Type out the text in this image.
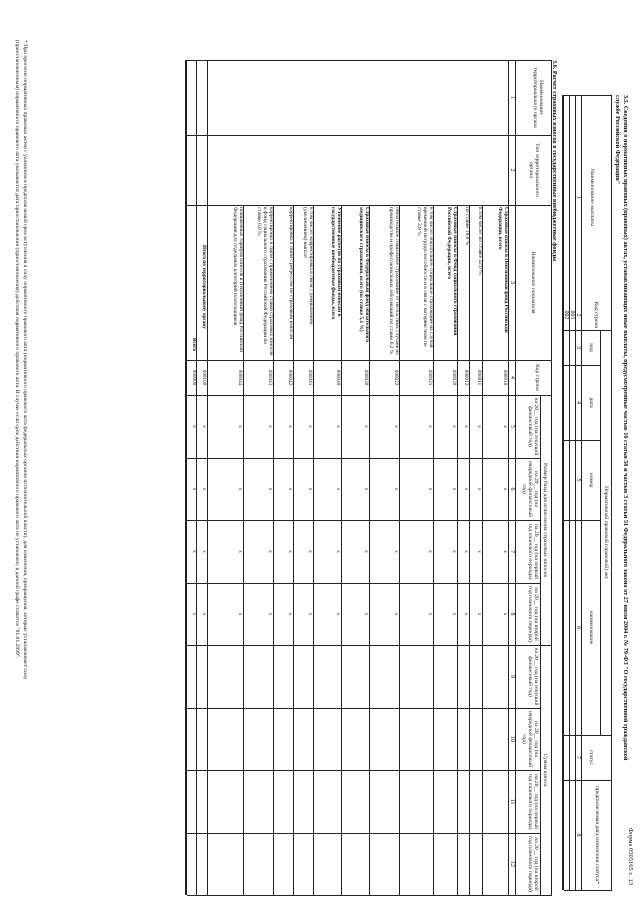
Форма 0505165 с. 13
3.5. Сведения о нормативных правовых (правовых) актах, устанавливающих иные выплаты, предусмотренные частью 10 статьи 58 и частью 3 статьи 51 Федерального закона от 27 июля 2004 г. № 79-ФЗ "О государственной гражданской
службе Российской Федерации"
Наименование выплаты
Код строки
Нормативный правовой (правовой) акт
вид
дата
номер
наименование
статус
предполагаемая дата изменения статуса*
1
2
3
4
5
6
7
8
001
002
3.6. Расчет страховых взносов в государственные внебюджетные фонды
Наименование территориального органа
Тип территориального органа
Наименование показателя
Код строки
Размер базы для исчисления страховых взносов
Сумма взноса
на 20__ год (на текущий финансовый год)
на 20__ год (на очередной финансовый год)
на 20__ год (на первый год планового периода)
на 20__ год (на второй год планового периода)
на 20__ год (на текущий финансовый год)
на 20__ год (на очередной финансовый год)
на 20__ год (на первый год планового периода)
на 20__ год (на второй год планового периода)
1
2
3
4
5
6
7
8
9
10
11
12
Страховые взносы в Пенсионный фонд Российской Федерации, всего
000010
x
x
x
x
в том числе: по ставке 22,0 %
000011
x
x
x
x
по ставке 10,0 %
000012
x
x
x
x
Страховые взносы в Фонд социального страхования Российской Федерации, всего
000020
x
x
x
x
в том числе: обязательное социальное страхование на случай временной нетрудоспособности и в связи с материнством по ставке 2,9 %
000021
x
x
x
x
обязательное социальное страхование от несчастных случаев на производстве и профессиональных заболеваний по ставке 0,2 %
000022
x
x
x
x
Страховые взносы в Федеральный фонд обязательного медицинского страхования, всего (по ставке 5,1 %)
000030
x
x
x
x
Уточнение расчетов по страховым взносам в государственные внебюджетные фонды, всего
000040
x
x
x
x
в том числе: корректировка в связи с уменьшением (увеличением) выплат
000041
x
x
x
x
корректировка в связи с регрессом по страховым взносам
000042
x
x
x
x
корректировка в связи с применением ставки страховых взносов в фонд социального страхования Российской Федерации по ставке 0,0 %
000043
x
x
x
x
пониженных тарифов взносов в Пенсионный фонд Российской Федерации для отдельных категорий плательщиков
000044
x
x
x
x
Итого по территориальному органу
000100
x
x
x
x
Всего
900000
x
x
x
x
* При прогнозе нормативных правовых актов с указанием в предполагаемой срок вступления в силу нормативного правового акта (нормативного правового акта федеральных органов исполнительной власти), для изменения, прекращения, которые устанавливает силу
(приостановленным) нормативного правового акта указывается дата приостановления (приостановления) действия нормативного правового акта. В случае если срок действия нормативного правового акта не установлен, в данной графе ставится "01.01.2099".
